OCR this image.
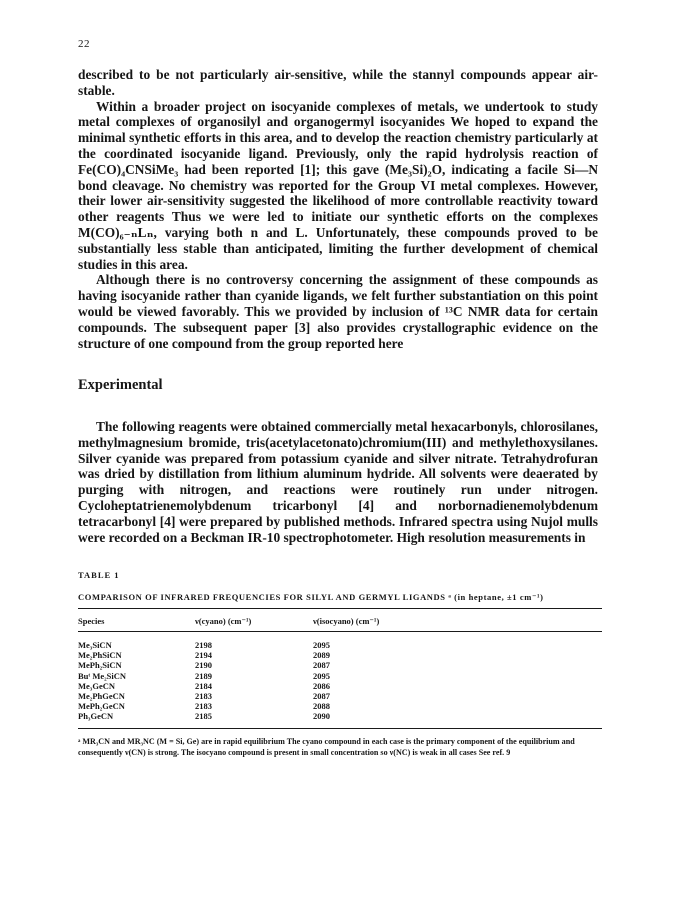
22

described to be not particularly air-sensitive, while the stannyl compounds appear air-stable.

Within a broader project on isocyanide complexes of metals, we undertook to study metal complexes of organosilyl and organogermyl isocyanides We hoped to expand the minimal synthetic efforts in this area, and to develop the reaction chemistry particularly at the coordinated isocyanide ligand. Previously, only the rapid hydrolysis reaction of Fe(CO)₄CNSiMe₃ had been reported [1]; this gave (Me₃Si)₂O, indicating a facile Si—N bond cleavage. No chemistry was reported for the Group VI metal complexes. However, their lower air-sensitivity suggested the likelihood of more controllable reactivity toward other reagents Thus we were led to initiate our synthetic efforts on the complexes M(CO)₆₋ₙLₙ, varying both n and L. Unfortunately, these compounds proved to be substantially less stable than anticipated, limiting the further development of chemical studies in this area.

Although there is no controversy concerning the assignment of these compounds as having isocyanide rather than cyanide ligands, we felt further substantiation on this point would be viewed favorably. This we provided by inclusion of ¹³C NMR data for certain compounds. The subsequent paper [3] also provides crystallographic evidence on the structure of one compound from the group reported here

Experimental

The following reagents were obtained commercially metal hexacarbonyls, chlorosilanes, methylmagnesium bromide, tris(acetylacetonato)chromium(III) and methylethoxysilanes. Silver cyanide was prepared from potassium cyanide and silver nitrate. Tetrahydrofuran was dried by distillation from lithium aluminum hydride. All solvents were deaerated by purging with nitrogen, and reactions were routinely run under nitrogen. Cycloheptatrienemolybdenum tricarbonyl [4] and norbornadienemolybdenum tetracarbonyl [4] were prepared by published methods. Infrared spectra using Nujol mulls were recorded on a Beckman IR-10 spectrophotometer. High resolution measurements in

TABLE 1
COMPARISON OF INFRARED FREQUENCIES FOR SILYL AND GERMYL LIGANDS ᵃ (in heptane, ±1 cm⁻¹)
Species	ν(cyano) (cm⁻¹)	ν(isocyano) (cm⁻¹)
Me₃SiCN	2198	2095
Me₂PhSiCN	2194	2089
MePh₂SiCN	2190	2087
Buᵗ Me₂SiCN	2189	2095
Me₃GeCN	2184	2086
Me₂PhGeCN	2183	2087
MePh₂GeCN	2183	2088
Ph₃GeCN	2185	2090
ᵃ MR₃CN and MR₃NC (M = Si, Ge) are in rapid equilibrium The cyano compound in each case is the primary component of the equilibrium and consequently ν(CN) is strong. The isocyano compound is present in small concentration so ν(NC) is weak in all cases See ref. 9
